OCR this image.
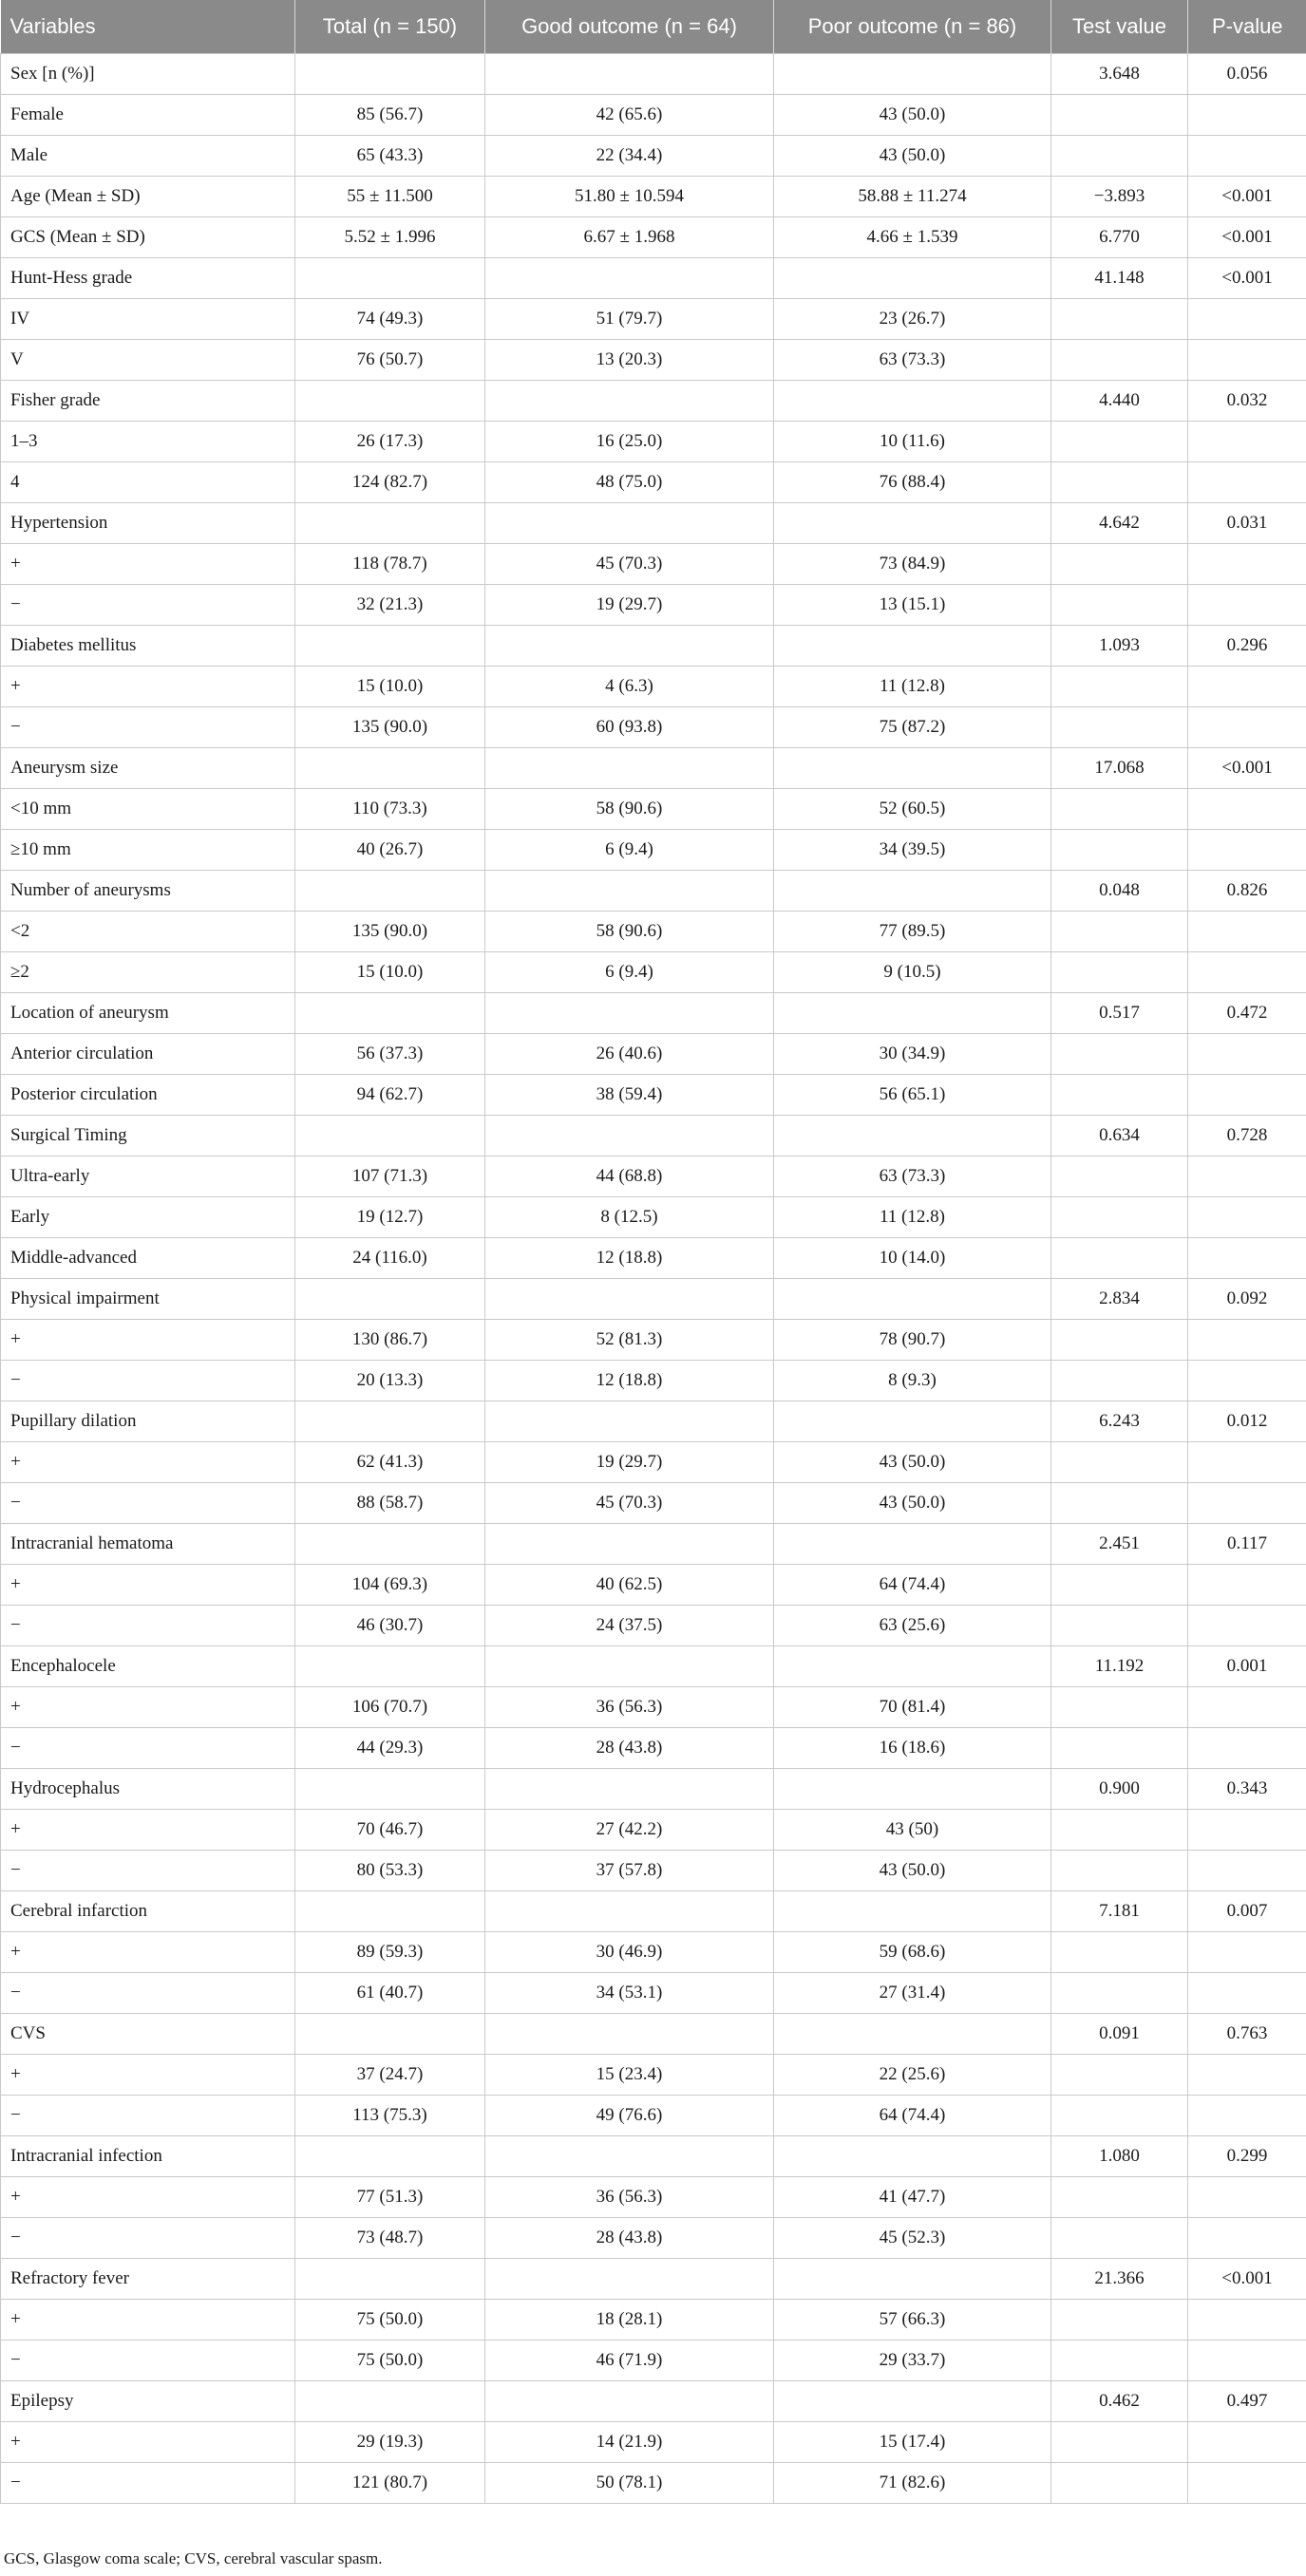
Variables	Total (n = 150)	Good outcome (n = 64)	Poor outcome (n = 86)	Test value	P-value
Sex [n (%)]				3.648	0.056
Female	85 (56.7)	42 (65.6)	43 (50.0)		
Male	65 (43.3)	22 (34.4)	43 (50.0)		
Age (Mean ± SD)	55 ± 11.500	51.80 ± 10.594	58.88 ± 11.274	−3.893	<0.001
GCS (Mean ± SD)	5.52 ± 1.996	6.67 ± 1.968	4.66 ± 1.539	6.770	<0.001
Hunt-Hess grade				41.148	<0.001
IV	74 (49.3)	51 (79.7)	23 (26.7)		
V	76 (50.7)	13 (20.3)	63 (73.3)		
Fisher grade				4.440	0.032
1–3	26 (17.3)	16 (25.0)	10 (11.6)		
4	124 (82.7)	48 (75.0)	76 (88.4)		
Hypertension				4.642	0.031
+	118 (78.7)	45 (70.3)	73 (84.9)		
−	32 (21.3)	19 (29.7)	13 (15.1)		
Diabetes mellitus				1.093	0.296
+	15 (10.0)	4 (6.3)	11 (12.8)		
−	135 (90.0)	60 (93.8)	75 (87.2)		
Aneurysm size				17.068	<0.001
<10 mm	110 (73.3)	58 (90.6)	52 (60.5)		
≥10 mm	40 (26.7)	6 (9.4)	34 (39.5)		
Number of aneurysms				0.048	0.826
<2	135 (90.0)	58 (90.6)	77 (89.5)		
≥2	15 (10.0)	6 (9.4)	9 (10.5)		
Location of aneurysm				0.517	0.472
Anterior circulation	56 (37.3)	26 (40.6)	30 (34.9)		
Posterior circulation	94 (62.7)	38 (59.4)	56 (65.1)		
Surgical Timing				0.634	0.728
Ultra-early	107 (71.3)	44 (68.8)	63 (73.3)		
Early	19 (12.7)	8 (12.5)	11 (12.8)		
Middle-advanced	24 (116.0)	12 (18.8)	10 (14.0)		
Physical impairment				2.834	0.092
+	130 (86.7)	52 (81.3)	78 (90.7)		
−	20 (13.3)	12 (18.8)	8 (9.3)		
Pupillary dilation				6.243	0.012
+	62 (41.3)	19 (29.7)	43 (50.0)		
−	88 (58.7)	45 (70.3)	43 (50.0)		
Intracranial hematoma				2.451	0.117
+	104 (69.3)	40 (62.5)	64 (74.4)		
−	46 (30.7)	24 (37.5)	63 (25.6)		
Encephalocele				11.192	0.001
+	106 (70.7)	36 (56.3)	70 (81.4)		
−	44 (29.3)	28 (43.8)	16 (18.6)		
Hydrocephalus				0.900	0.343
+	70 (46.7)	27 (42.2)	43 (50)		
−	80 (53.3)	37 (57.8)	43 (50.0)		
Cerebral infarction				7.181	0.007
+	89 (59.3)	30 (46.9)	59 (68.6)		
−	61 (40.7)	34 (53.1)	27 (31.4)		
CVS				0.091	0.763
+	37 (24.7)	15 (23.4)	22 (25.6)		
−	113 (75.3)	49 (76.6)	64 (74.4)		
Intracranial infection				1.080	0.299
+	77 (51.3)	36 (56.3)	41 (47.7)		
−	73 (48.7)	28 (43.8)	45 (52.3)		
Refractory fever				21.366	<0.001
+	75 (50.0)	18 (28.1)	57 (66.3)		
−	75 (50.0)	46 (71.9)	29 (33.7)		
Epilepsy				0.462	0.497
+	29 (19.3)	14 (21.9)	15 (17.4)		
−	121 (80.7)	50 (78.1)	71 (82.6)		
GCS, Glasgow coma scale; CVS, cerebral vascular spasm.
